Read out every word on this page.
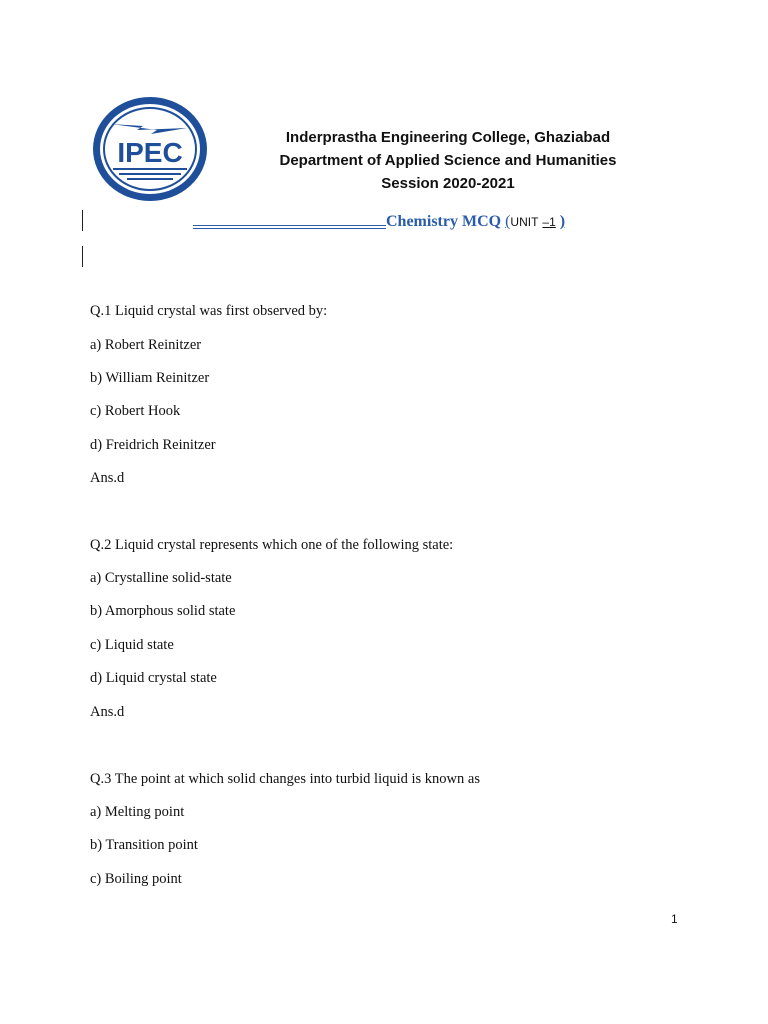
IPEC	Inderprastha Engineering College, Ghaziabad
Department of Applied Science and Humanities
Session 2020-2021
Chemistry MCQ (UNIT –1 )
Q.1 Liquid crystal was first observed by:
a) Robert Reinitzer
b) William Reinitzer
c) Robert Hook
d) Freidrich Reinitzer
Ans.d
Q.2 Liquid crystal represents which one of the following state:
a) Crystalline solid-state
b) Amorphous solid state
c) Liquid state
d) Liquid crystal state
Ans.d
Q.3 The point at which solid changes into turbid liquid is known as
a) Melting point
b) Transition point
c) Boiling point
1
